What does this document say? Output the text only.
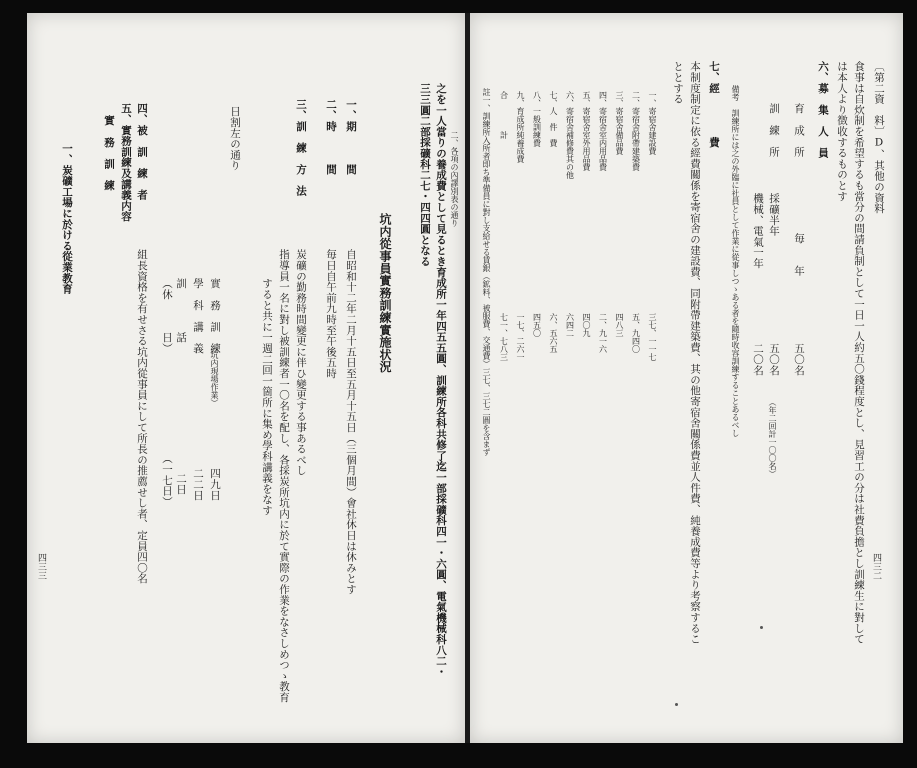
之を一人當りの養成費として見るとき育成所一年四五五圓、訓練所各科共修了迄一部採礦科四一・六圓、電氣機械科八二・
三三圓二部採礦科二七・四四圓となる 二、各項の內譯別表の通り
坑内從事員實務訓練實施状況
一、期　　　間
自昭和十二年二月十五日至五月十五日（三個月間）會社休日は休みとす
二、時　　　間
毎日自午前九時至午後五時
三、訓　練　方　法
炭礦の勤務時間變更に伴ひ變更する事あるべし
指導員一名に對し被訓練者一〇名を配し、各採炭所坑内に於て實際の作業をなさしめつゝ教育
すると共に一週二回一箇所に集め學科講義をなす
日割左の通り
實　務　訓　練
（坑内現場作業）
四九日
學　科　講　義
二二日
訓　　　　話
二日
（休　　　日）
（一七日）
四、被　訓　練　者
組長資格を有せさる坑内從事員にして所長の推薦せし者、定員四〇名
五、實務訓練及講義内容
實　務　訓　練
一、炭礦工場に於ける從業教育
四三三
〔第二資　料〕D、其他の資料
四三二
食事は自炊制を希望するも當分の間請負制として一日一人約五〇錢程度とし、見習工の分は社費負擔とし訓練生に對して
は本人より徴收するものとす
六、募　集　人　員
育　成　所
毎　　年
五〇名
訓　練　所
採礦半年
五〇名
（年二回計一〇〇名）
機械、電氣一年
二〇名
備考　訓練所には之の外臨に社員として作業に從事しつゝある者を隨時收容訓練することあるべし
七、經　　　　費
本制度制定に依る經費關係を寄宿舍の建設費、同附帶建築費、其の他寄宿舍關係費並人件費、純養成費等より考察するこ
ととする
一、寄宿舍建設費
三七、一一七
二、寄宿舍附帶建築費
五、九四〇
三、寄宿舍備品費
四八三
四、寄宿舍室内用品費
二、九一六
五、寄宿舍室外用品費
四〇九
六、寄宿舍補修費其の他
六四二
七、人　件　費
六、五六五
八、一般訓練費
四五〇
九、育成所純養成費
一七、二六一
合　　　　計
七一、七八三
註一、訓練所入所者即ち準備員に對し支給せる賃銀（鉱料、被服費、交通費）三七、三七二圓を含まず
